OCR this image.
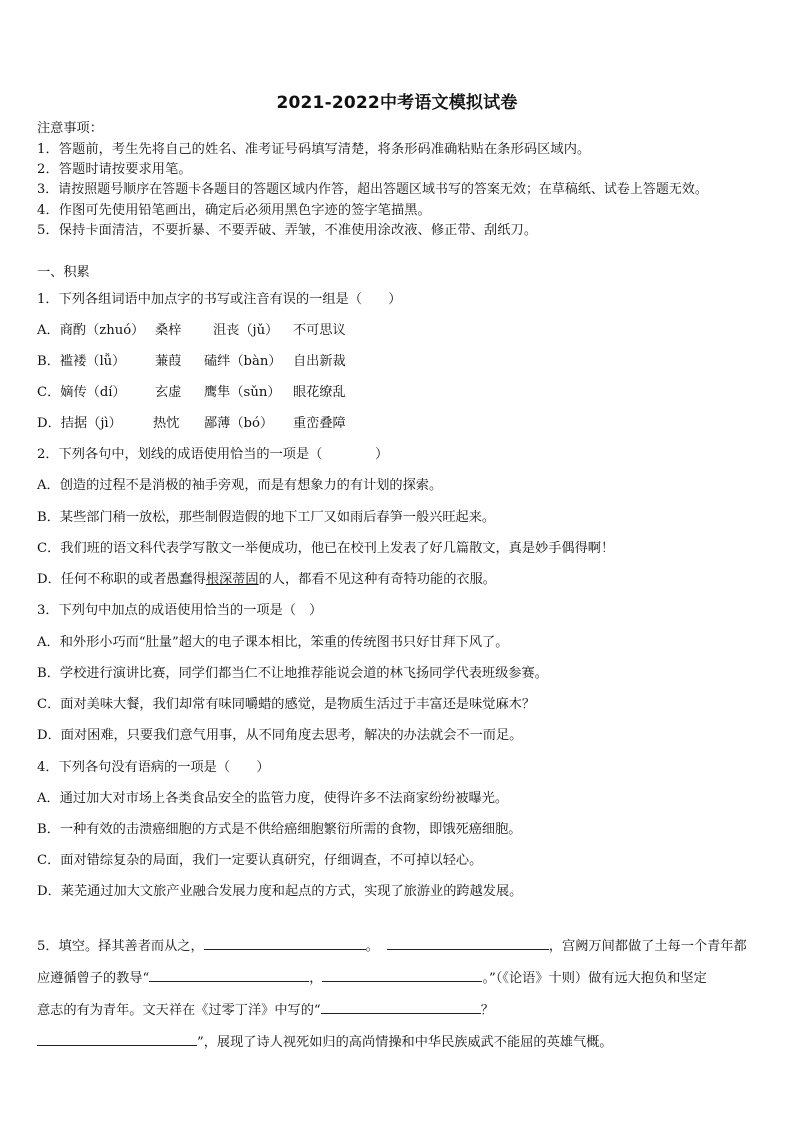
2021-2022中考语文模拟试卷
注意事项：
1．答题前，考生先将自己的姓名、准考证号码填写清楚，将条形码准确粘贴在条形码区域内。
2．答题时请按要求用笔。
3．请按照题号顺序在答题卡各题目的答题区域内作答，超出答题区域书写的答案无效；在草稿纸、试卷上答题无效。
4．作图可先使用铅笔画出，确定后必须用黑色字迹的签字笔描黑。
5．保持卡面清洁，不要折暴、不要弄破、弄皱，不准使用涂改液、修正带、刮纸刀。
一、积累
1．下列各组词语中加点字的书写或注音有误的一组是（　　）
A．商酌（zhuó） 桑梓 沮丧（jǔ） 不可思议
B．褴褛（lǚ） 蒹葭 磕绊（bàn） 自出新裁
C．嫡传（dí） 玄虚 鹰隼（sǔn） 眼花缭乱
D．拮据（jì） 热忱 鄙薄（bó） 重峦叠障
2．下列各句中，划线的成语使用恰当的一项是（　　　　）
A．创造的过程不是消极的袖手旁观，而是有想象力的有计划的探索。
B．某些部门稍一放松，那些制假造假的地下工厂又如雨后春笋一般兴旺起来。
C．我们班的语文科代表学写散文一举便成功，他已在校刊上发表了好几篇散文，真是妙手偶得啊！
D．任何不称职的或者愚蠢得根深蒂固的人，都看不见这种有奇特功能的衣服。
3．下列句中加点的成语使用恰当的一项是（　）
A．和外形小巧而“肚量”超大的电子课本相比，笨重的传统图书只好甘拜下风了。
B．学校进行演讲比赛，同学们都当仁不让地推荐能说会道的林飞扬同学代表班级参赛。
C．面对美味大餐，我们却常有味同嚼蜡的感觉，是物质生活过于丰富还是味觉麻木？
D．面对困难，只要我们意气用事，从不同角度去思考，解决的办法就会不一而足。
4．下列各句没有语病的一项是（　　）
A．通过加大对市场上各类食品安全的监管力度，使得许多不法商家纷纷被曝光。
B．一种有效的击溃癌细胞的方式是不供给癌细胞繁衍所需的食物，即饿死癌细胞。
C．面对错综复杂的局面，我们一定要认真研究，仔细调查，不可掉以轻心。
D．莱芜通过加大文旅产业融合发展力度和起点的方式，实现了旅游业的跨越发展。
5．填空。择其善者而从之，	。	，宫阙万间都做了土每一个青年都
应遵循曾子的教导“	，	。”（《论语》十则）做有远大抱负和坚定
意志的有为青年。文天祥在《过零丁洋》中写的“	？
”，展现了诗人视死如归的高尚情操和中华民族威武不能屈的英雄气概。
